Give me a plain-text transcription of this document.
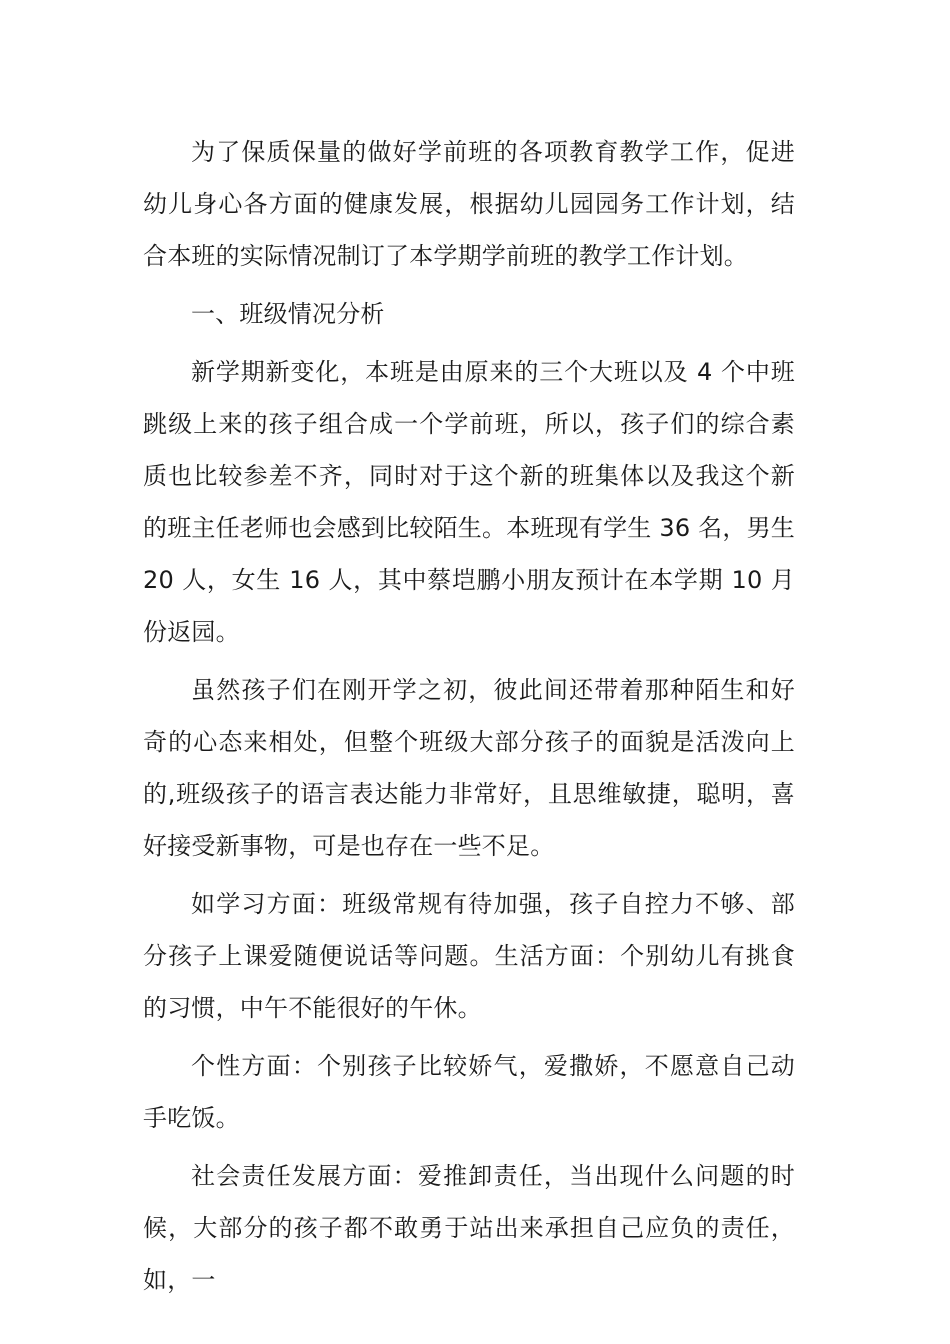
为了保质保量的做好学前班的各项教育教学工作，促进幼儿身心各方面的健康发展，根据幼儿园园务工作计划，结合本班的实际情况制订了本学期学前班的教学工作计划。

一、班级情况分析

新学期新变化，本班是由原来的三个大班以及 4 个中班跳级上来的孩子组合成一个学前班，所以，孩子们的综合素质也比较参差不齐，同时对于这个新的班集体以及我这个新的班主任老师也会感到比较陌生。本班现有学生 36 名，男生 20 人，女生 16 人，其中蔡垲鹏小朋友预计在本学期 10 月份返园。

虽然孩子们在刚开学之初，彼此间还带着那种陌生和好奇的心态来相处，但整个班级大部分孩子的面貌是活泼向上的,班级孩子的语言表达能力非常好，且思维敏捷，聪明，喜好接受新事物，可是也存在一些不足。

如学习方面：班级常规有待加强，孩子自控力不够、部分孩子上课爱随便说话等问题。生活方面：个别幼儿有挑食的习惯，中午不能很好的午休。

个性方面：个别孩子比较娇气，爱撒娇，不愿意自己动手吃饭。

社会责任发展方面：爱推卸责任，当出现什么问题的时候，大部分的孩子都不敢勇于站出来承担自己应负的责任，如，一
